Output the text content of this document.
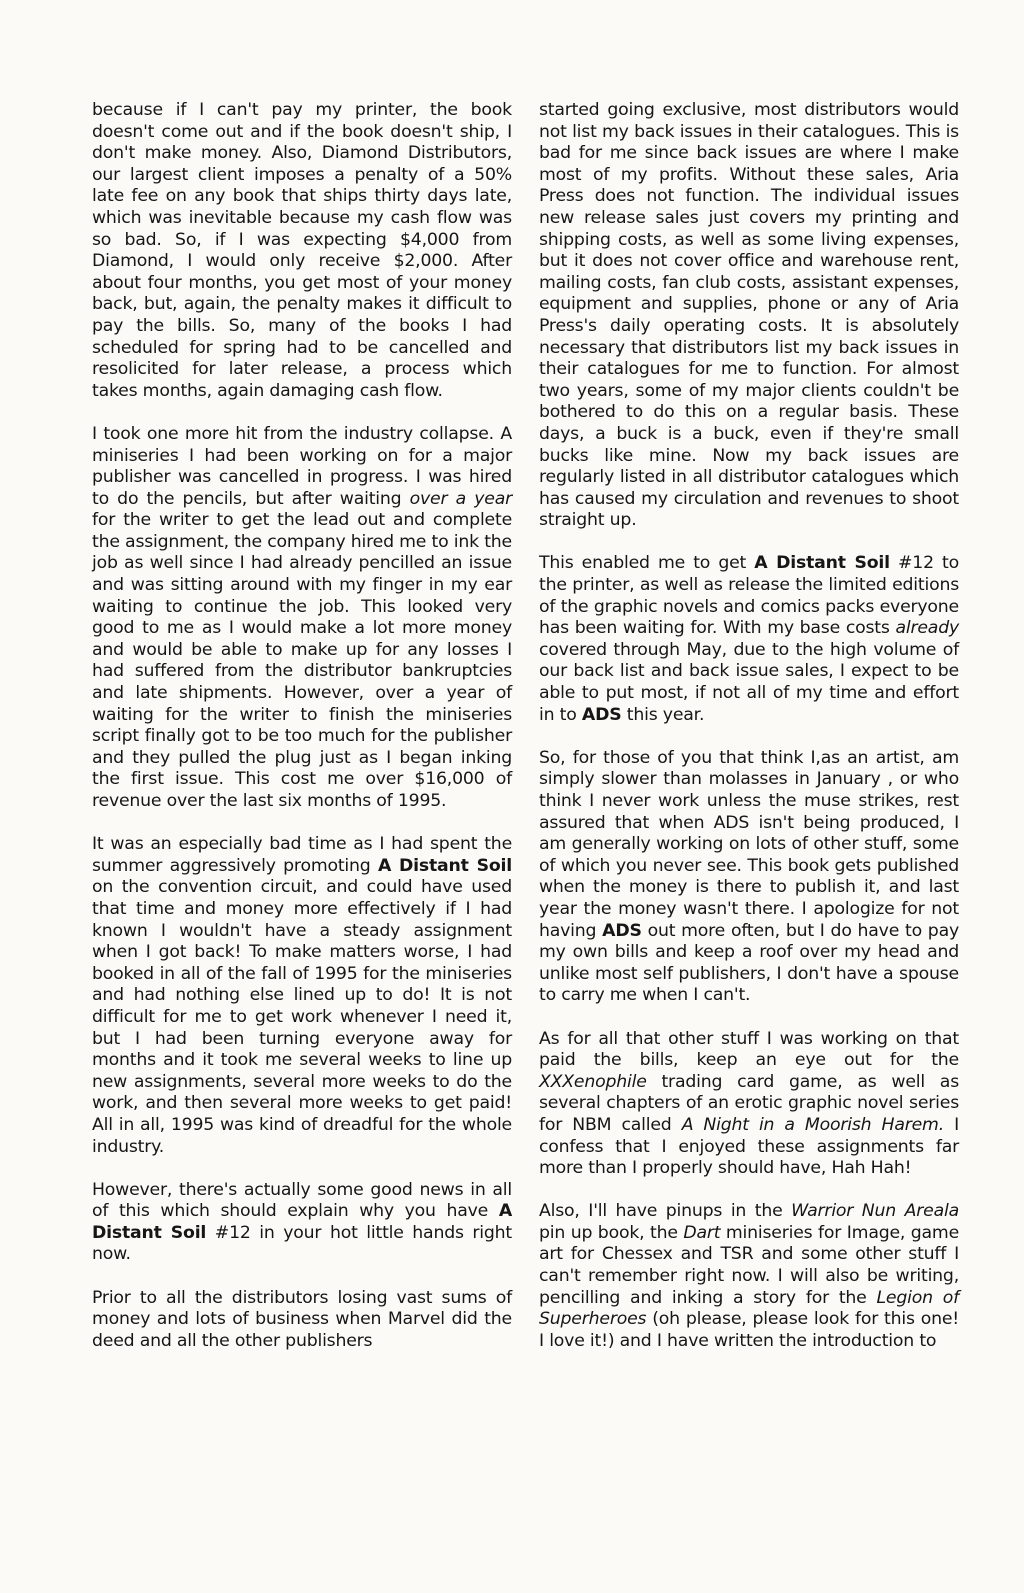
because if I can't pay my printer, the book doesn't come out and if the book doesn't ship, I don't make money. Also, Diamond Distributors, our largest client imposes a penalty of a 50% late fee on any book that ships thirty days late, which was inevitable because my cash flow was so bad. So, if I was expecting $4,000 from Diamond, I would only receive $2,000. After about four months, you get most of your money back, but, again, the penalty makes it difficult to pay the bills. So, many of the books I had scheduled for spring had to be cancelled and resolicited for later release, a process which takes months, again damaging cash flow.

I took one more hit from the industry collapse. A miniseries I had been working on for a major publisher was cancelled in progress. I was hired to do the pencils, but after waiting over a year for the writer to get the lead out and complete the assignment, the company hired me to ink the job as well since I had already pencilled an issue and was sitting around with my finger in my ear waiting to continue the job. This looked very good to me as I would make a lot more money and would be able to make up for any losses I had suffered from the distributor bankruptcies and late shipments. However, over a year of waiting for the writer to finish the miniseries script finally got to be too much for the publisher and they pulled the plug just as I began inking the first issue. This cost me over $16,000 of revenue over the last six months of 1995.

It was an especially bad time as I had spent the summer aggressively promoting A Distant Soil on the convention circuit, and could have used that time and money more effectively if I had known I wouldn't have a steady assignment when I got back! To make matters worse, I had booked in all of the fall of 1995 for the miniseries and had nothing else lined up to do! It is not difficult for me to get work whenever I need it, but I had been turning everyone away for months and it took me several weeks to line up new assignments, several more weeks to do the work, and then several more weeks to get paid! All in all, 1995 was kind of dreadful for the whole industry.

However, there's actually some good news in all of this which should explain why you have A Distant Soil #12 in your hot little hands right now.

Prior to all the distributors losing vast sums of money and lots of business when Marvel did the deed and all the other publishers

started going exclusive, most distributors would not list my back issues in their catalogues. This is bad for me since back issues are where I make most of my profits. Without these sales, Aria Press does not function. The individual issues new release sales just covers my printing and shipping costs, as well as some living expenses, but it does not cover office and warehouse rent, mailing costs, fan club costs, assistant expenses, equipment and supplies, phone or any of Aria Press's daily operating costs. It is absolutely necessary that distributors list my back issues in their catalogues for me to function. For almost two years, some of my major clients couldn't be bothered to do this on a regular basis. These days, a buck is a buck, even if they're small bucks like mine. Now my back issues are regularly listed in all distributor catalogues which has caused my circulation and revenues to shoot straight up.

This enabled me to get A Distant Soil #12 to the printer, as well as release the limited editions of the graphic novels and comics packs everyone has been waiting for. With my base costs already covered through May, due to the high volume of our back list and back issue sales, I expect to be able to put most, if not all of my time and effort in to ADS this year.

So, for those of you that think I,as an artist, am simply slower than molasses in January , or who think I never work unless the muse strikes, rest assured that when ADS isn't being produced, I am generally working on lots of other stuff, some of which you never see. This book gets published when the money is there to publish it, and last year the money wasn't there. I apologize for not having ADS out more often, but I do have to pay my own bills and keep a roof over my head and unlike most self publishers, I don't have a spouse to carry me when I can't.

As for all that other stuff I was working on that paid the bills, keep an eye out for the XXXenophile trading card game, as well as several chapters of an erotic graphic novel series for NBM called A Night in a Moorish Harem. I confess that I enjoyed these assignments far more than I properly should have, Hah Hah!

Also, I'll have pinups in the Warrior Nun Areala pin up book, the Dart miniseries for Image, game art for Chessex and TSR and some other stuff I can't remember right now. I will also be writing, pencilling and inking a story for the Legion of Superheroes (oh please, please look for this one! I love it!) and I have written the introduction to
